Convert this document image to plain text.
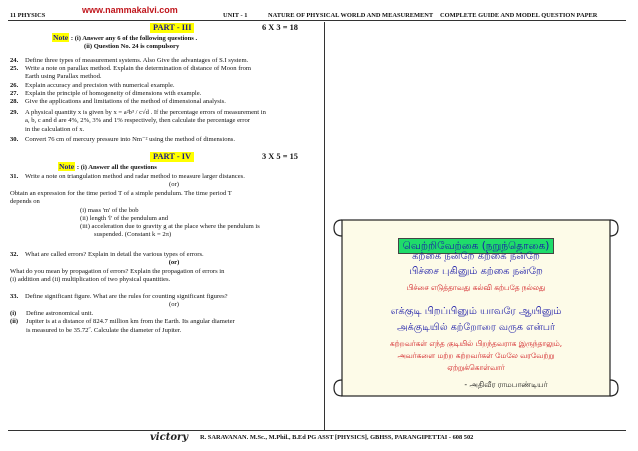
11 PHYSICS
www.nammakalvi.com
UNIT - 1	NATURE OF PHYSICAL WORLD AND MEASUREMENT COMPLETE GUIDE AND MODEL QUESTION PAPER
PART - III	6 X 3 = 18
Note : (i) Answer any 6 of the following questions .
(ii) Question No. 24 is compulsory
24. Define three types of measurement systems. Also Give the advantages of S.I system.
25. Write a note on parallax method. Explain the determination of distance of Moon from
Earth using Parallax method.
26. Explain accuracy and precision with numerical example.
27. Explain the principle of homogeneity of dimensions with example.
28. Give the applications and limitations of the method of dimensional analysis.
29. A physical quantity x is given by x = a²b³ / c√d . If the percentage errors of measurement in
a, b, c and d are 4%, 2%, 3% and 1% respectively, then calculate the percentage error
in the calculation of x.
30. Convert 76 cm of mercury pressure into Nm⁻² using the method of dimensions.
PART - IV	3 X 5 = 15
Note : (i) Answer all the questions
31. Write a note on triangulation method and radar method to measure larger distances.
(or)
Obtain an expression for the time period T of a simple pendulum. The time period T
depends on
(i) mass 'm' of the bob
(ii) length 'l' of the pendulum and
(iii) acceleration due to gravity g at the place where the pendulum is
suspended. (Constant k = 2π)
32. What are called errors? Explain in detail the various types of errors.
(or)
What do you mean by propagation of errors? Explain the propagation of errors in
(i) addition and (ii) multiplication of two physical quantities.
33. Define significant figure. What are the rules for counting significant figures?
(or)
(i) Define astronomical unit.
(ii) Jupiter is at a distance of 824.7 million km from the Earth. Its angular diameter
is measured to be 35.72˝. Calculate the diameter of Jupiter.
வெற்றிவேற்கை (நறுந்தொகை)
கற்கை நன்றே கற்கை நன்றே
பிச்சை புகினும் கற்கை நன்றே
பிச்சை எடுத்தாவது கல்வி கற்பதே நல்லது
எக்குடி பிறப்பினும் யாவரே ஆயினும்
அக்குடியில் கற்றோரை வருக என்பர்
கற்றவர்கள் எந்த குடியில் பிறந்தவராக இருந்தாலும்,
அவர்களை மற்ற கற்றவர்கள் மேலே வரவேற்று
ஏற்றுக்கொள்வார்
- அதிவீர ராமபாண்டியர்
victory R. SARAVANAN. M.Sc., M.Phil., B.Ed PG ASST [PHYSICS], GBHSS, PARANGIPETTAI - 608 502
